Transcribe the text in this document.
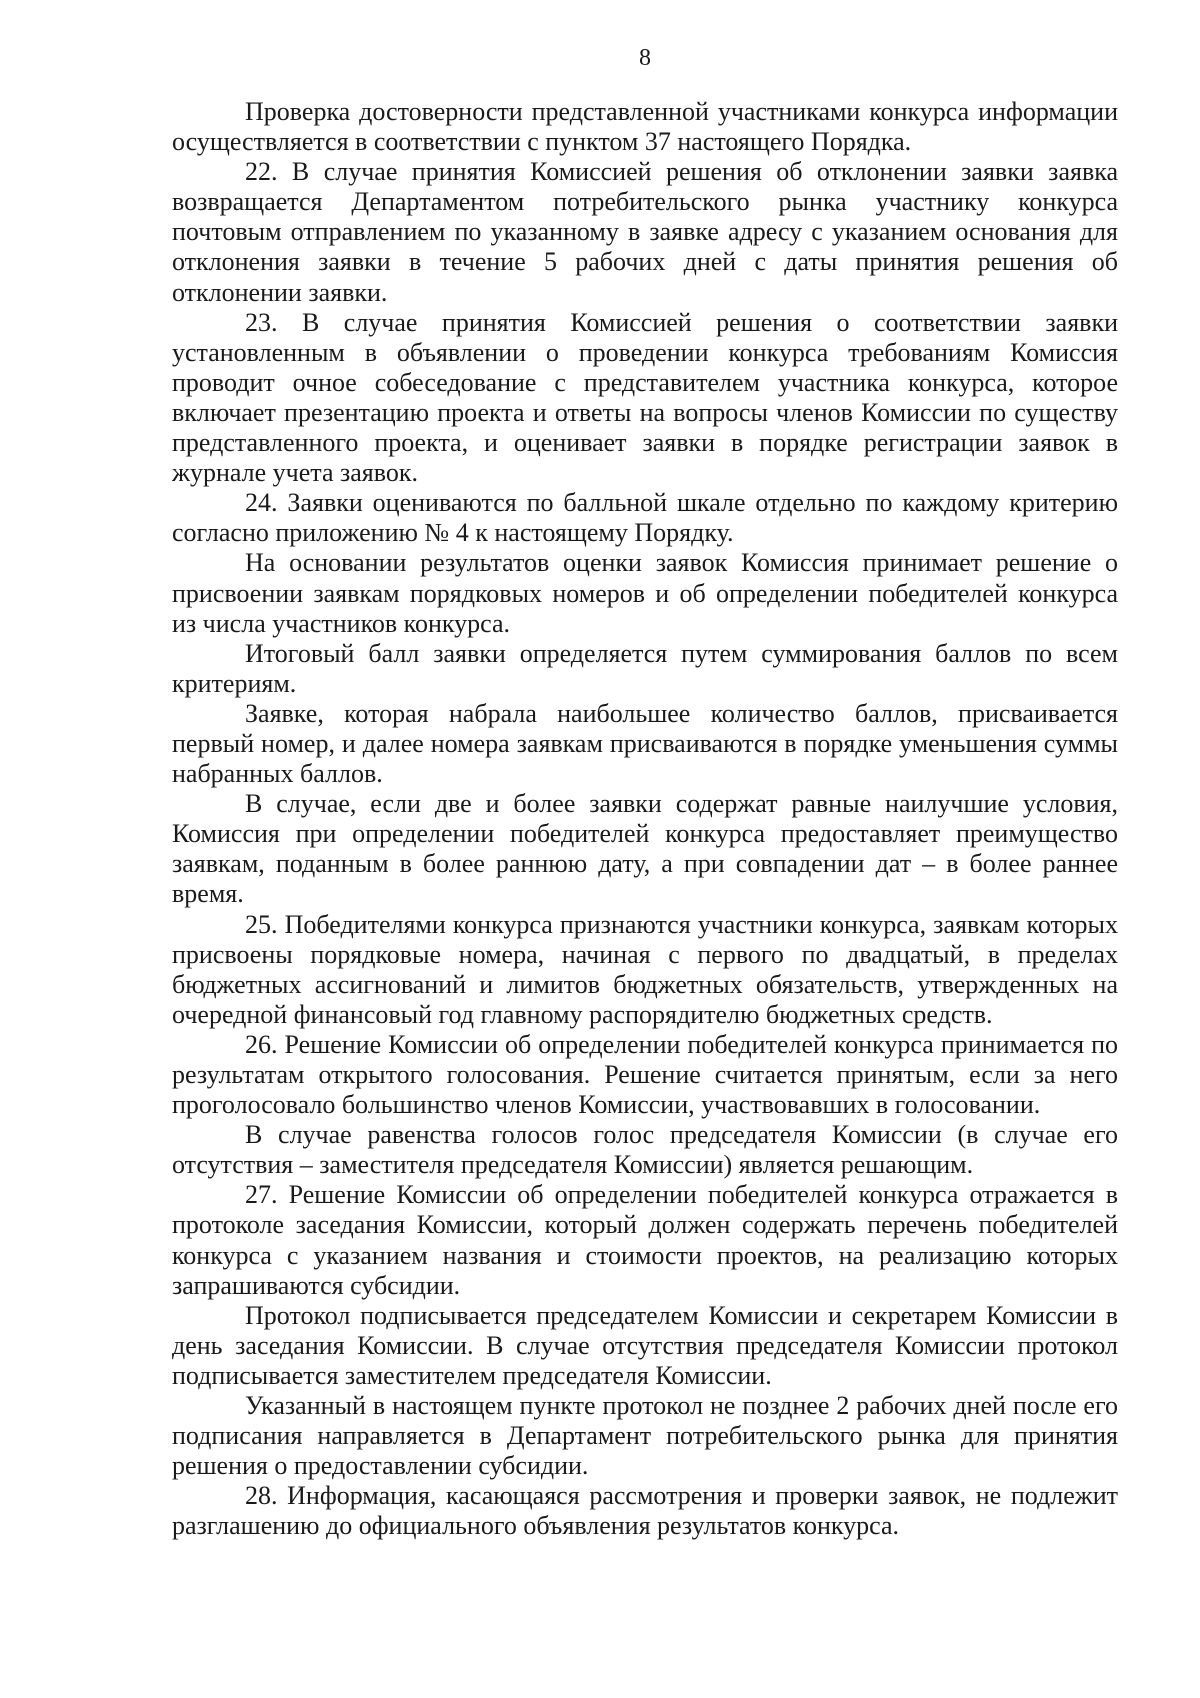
8

Проверка достоверности представленной участниками конкурса информации осуществляется в соответствии с пунктом 37 настоящего Порядка.

22. В случае принятия Комиссией решения об отклонении заявки заявка возвращается Департаментом потребительского рынка участнику конкурса почтовым отправлением по указанному в заявке адресу с указанием основания для отклонения заявки в течение 5 рабочих дней с даты принятия решения об отклонении заявки.

23. В случае принятия Комиссией решения о соответствии заявки установленным в объявлении о проведении конкурса требованиям Комиссия проводит очное собеседование с представителем участника конкурса, которое включает презентацию проекта и ответы на вопросы членов Комиссии по существу представленного проекта, и оценивает заявки в порядке регистрации заявок в журнале учета заявок.

24. Заявки оцениваются по балльной шкале отдельно по каждому критерию согласно приложению № 4 к настоящему Порядку.

На основании результатов оценки заявок Комиссия принимает решение о присвоении заявкам порядковых номеров и об определении победителей конкурса из числа участников конкурса.

Итоговый балл заявки определяется путем суммирования баллов по всем критериям.

Заявке, которая набрала наибольшее количество баллов, присваивается первый номер, и далее номера заявкам присваиваются в порядке уменьшения суммы набранных баллов.

В случае, если две и более заявки содержат равные наилучшие условия, Комиссия при определении победителей конкурса предоставляет преимущество заявкам, поданным в более раннюю дату, а при совпадении дат – в более раннее время.

25. Победителями конкурса признаются участники конкурса, заявкам которых присвоены порядковые номера, начиная с первого по двадцатый, в пределах бюджетных ассигнований и лимитов бюджетных обязательств, утвержденных на очередной финансовый год главному распорядителю бюджетных средств.

26. Решение Комиссии об определении победителей конкурса принимается по результатам открытого голосования. Решение считается принятым, если за него проголосовало большинство членов Комиссии, участвовавших в голосовании.

В случае равенства голосов голос председателя Комиссии (в случае его отсутствия – заместителя председателя Комиссии) является решающим.

27. Решение Комиссии об определении победителей конкурса отражается в протоколе заседания Комиссии, который должен содержать перечень победителей конкурса с указанием названия и стоимости проектов, на реализацию которых запрашиваются субсидии.

Протокол подписывается председателем Комиссии и секретарем Комиссии в день заседания Комиссии. В случае отсутствия председателя Комиссии протокол подписывается заместителем председателя Комиссии.

Указанный в настоящем пункте протокол не позднее 2 рабочих дней после его подписания направляется в Департамент потребительского рынка для принятия решения о предоставлении субсидии.

28. Информация, касающаяся рассмотрения и проверки заявок, не подлежит разглашению до официального объявления результатов конкурса.
